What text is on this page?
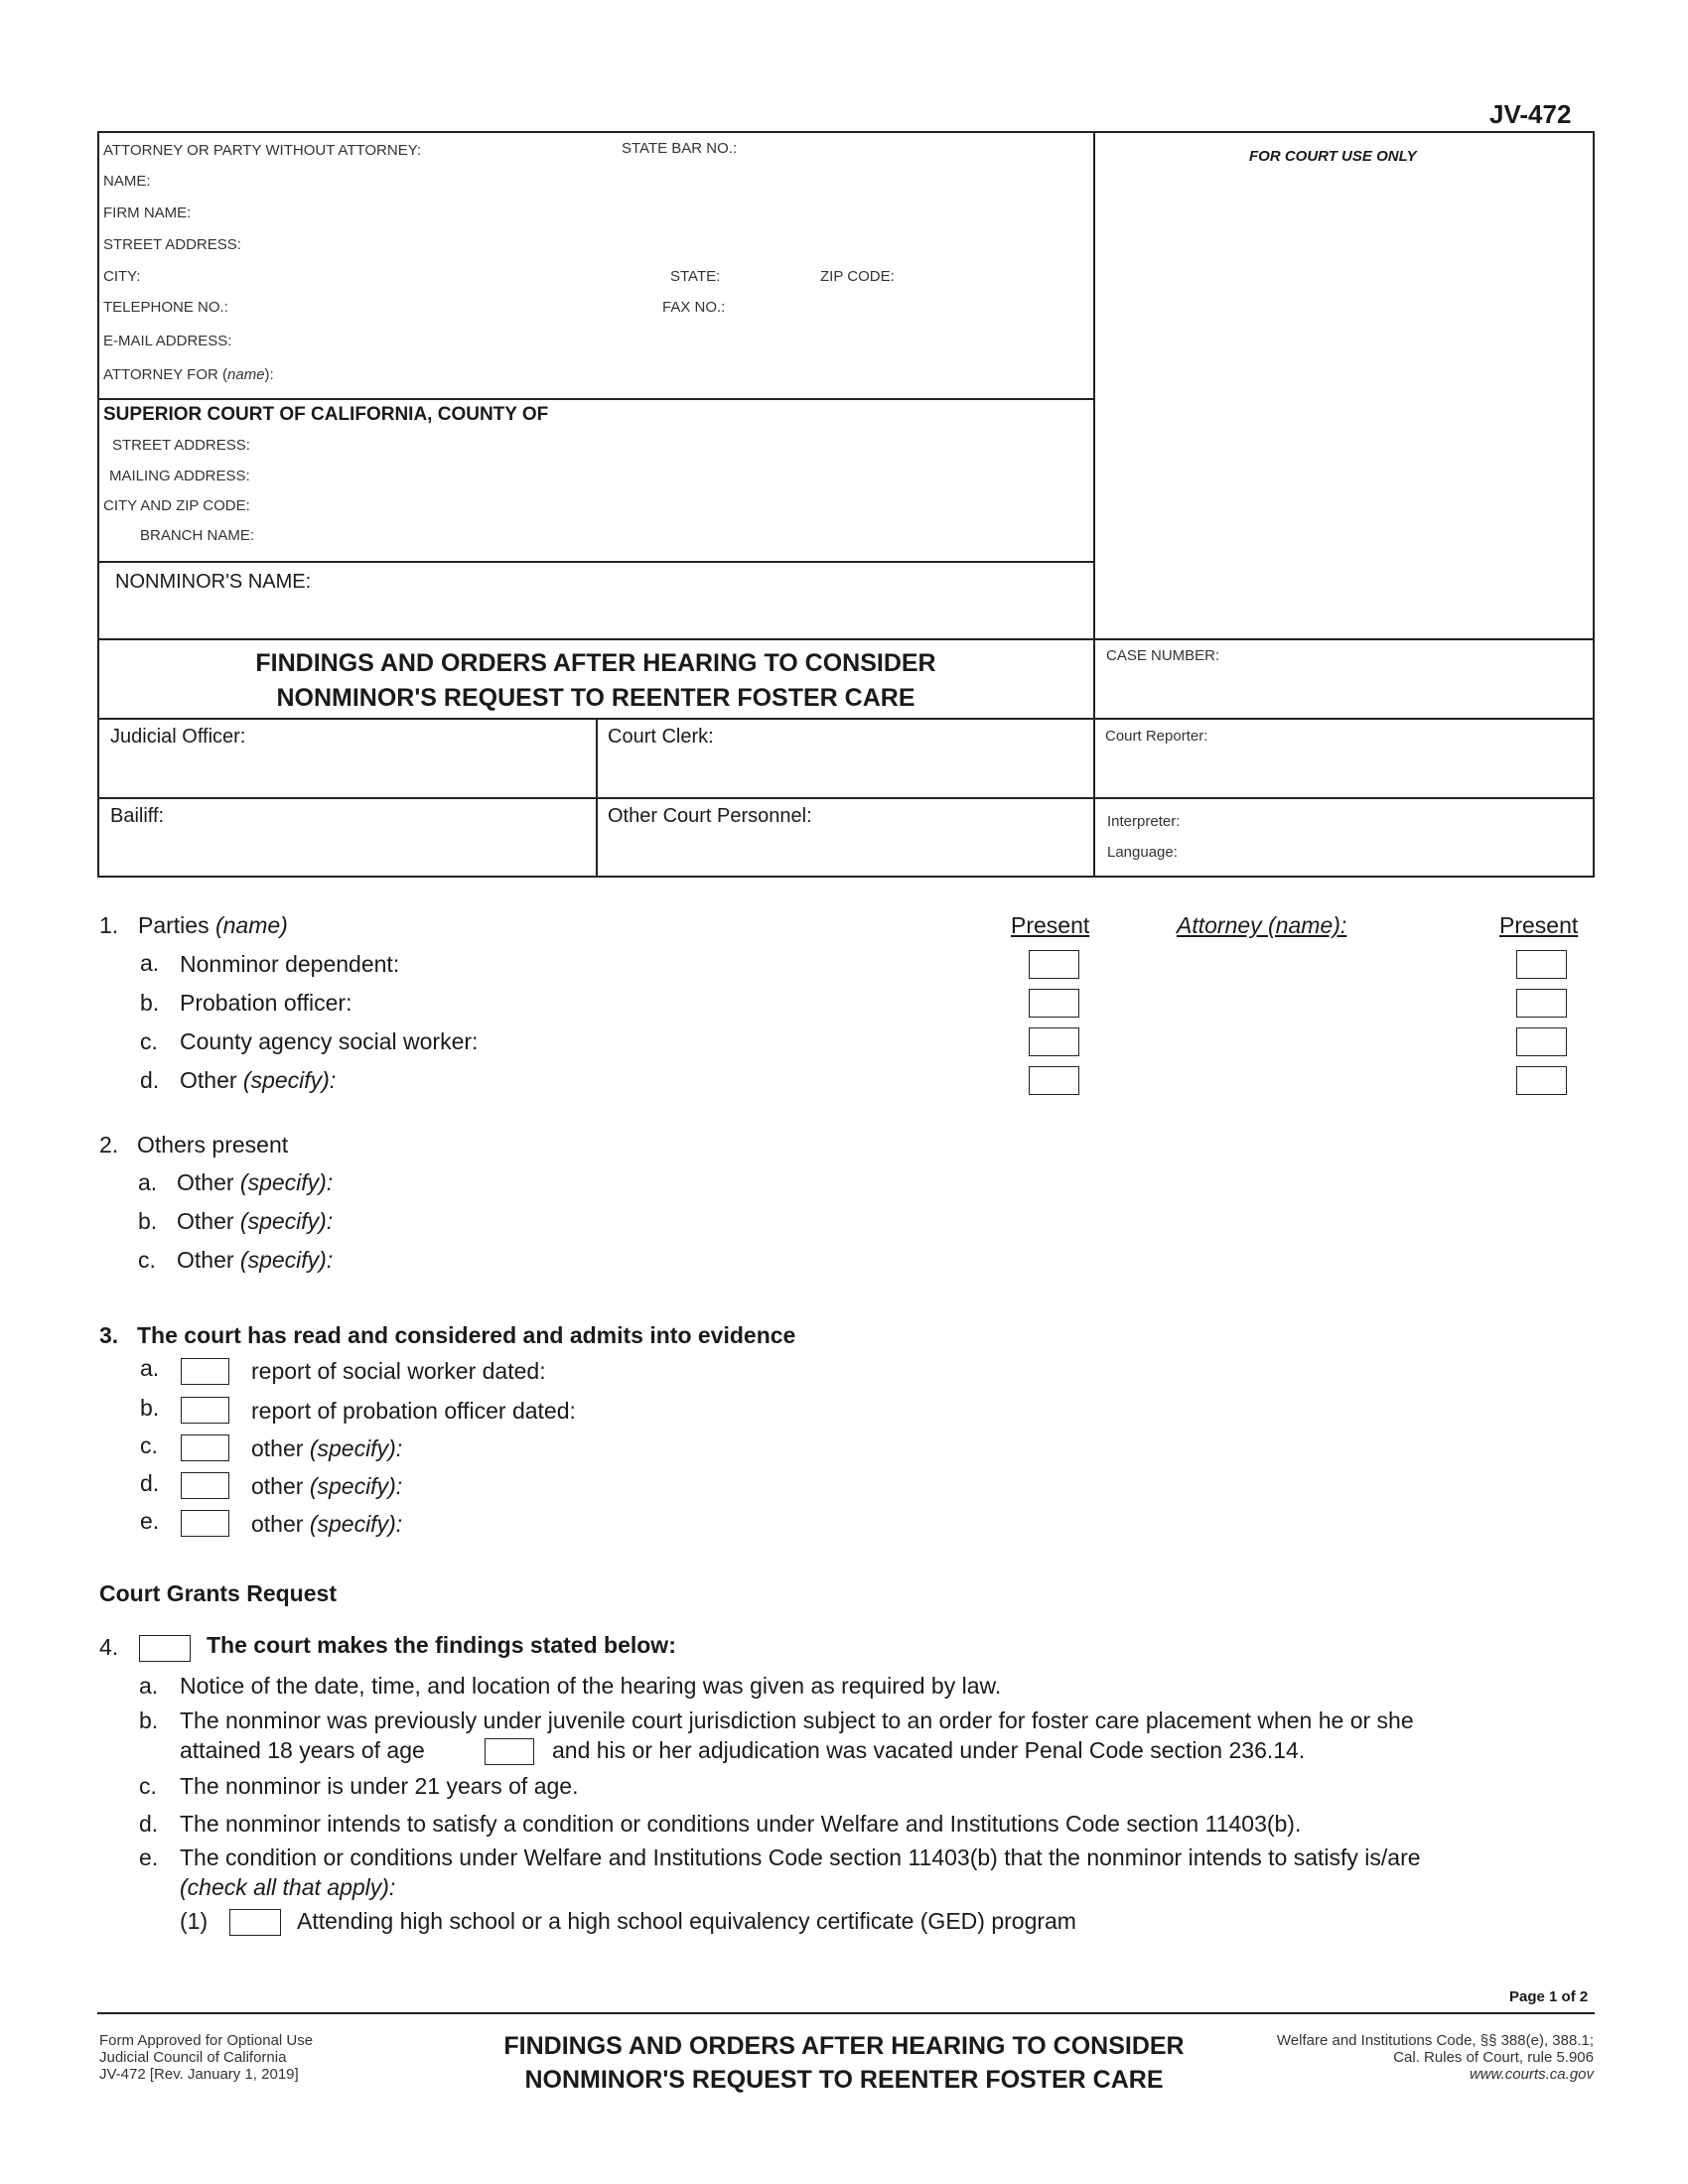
JV-472
ATTORNEY OR PARTY WITHOUT ATTORNEY:	STATE BAR NO.:
NAME:
FIRM NAME:
STREET ADDRESS:
CITY:	STATE:	ZIP CODE:
TELEPHONE NO.:	FAX NO.:
E-MAIL ADDRESS:
ATTORNEY FOR (name):
FOR COURT USE ONLY
SUPERIOR COURT OF CALIFORNIA, COUNTY OF
STREET ADDRESS:
MAILING ADDRESS:
CITY AND ZIP CODE:
BRANCH NAME:
NONMINOR'S NAME:
FINDINGS AND ORDERS AFTER HEARING TO CONSIDER
NONMINOR'S REQUEST TO REENTER FOSTER CARE
CASE NUMBER:
Judicial Officer:	Court Clerk:	Court Reporter:
Bailiff:	Other Court Personnel:	Interpreter:
Language:
1. Parties (name)	Present	Attorney (name):	Present
a. Nonminor dependent:
b. Probation officer:
c. County agency social worker:
d. Other (specify):
2. Others present
a. Other (specify):
b. Other (specify):
c. Other (specify):
3. The court has read and considered and admits into evidence
a.	report of social worker dated:
b.	report of probation officer dated:
c.	other (specify):
d.	other (specify):
e.	other (specify):
Court Grants Request
4.	The court makes the findings stated below:
a. Notice of the date, time, and location of the hearing was given as required by law.
b. The nonminor was previously under juvenile court jurisdiction subject to an order for foster care placement when he or she
attained 18 years of age	and his or her adjudication was vacated under Penal Code section 236.14.
c. The nonminor is under 21 years of age.
d. The nonminor intends to satisfy a condition or conditions under Welfare and Institutions Code section 11403(b).
e. The condition or conditions under Welfare and Institutions Code section 11403(b) that the nonminor intends to satisfy is/are
(check all that apply):
(1)	Attending high school or a high school equivalency certificate (GED) program
Page 1 of 2
Form Approved for Optional Use
Judicial Council of California
JV-472 [Rev. January 1, 2019]
FINDINGS AND ORDERS AFTER HEARING TO CONSIDER
NONMINOR'S REQUEST TO REENTER FOSTER CARE
Welfare and Institutions Code, §§ 388(e), 388.1;
Cal. Rules of Court, rule 5.906
www.courts.ca.gov
